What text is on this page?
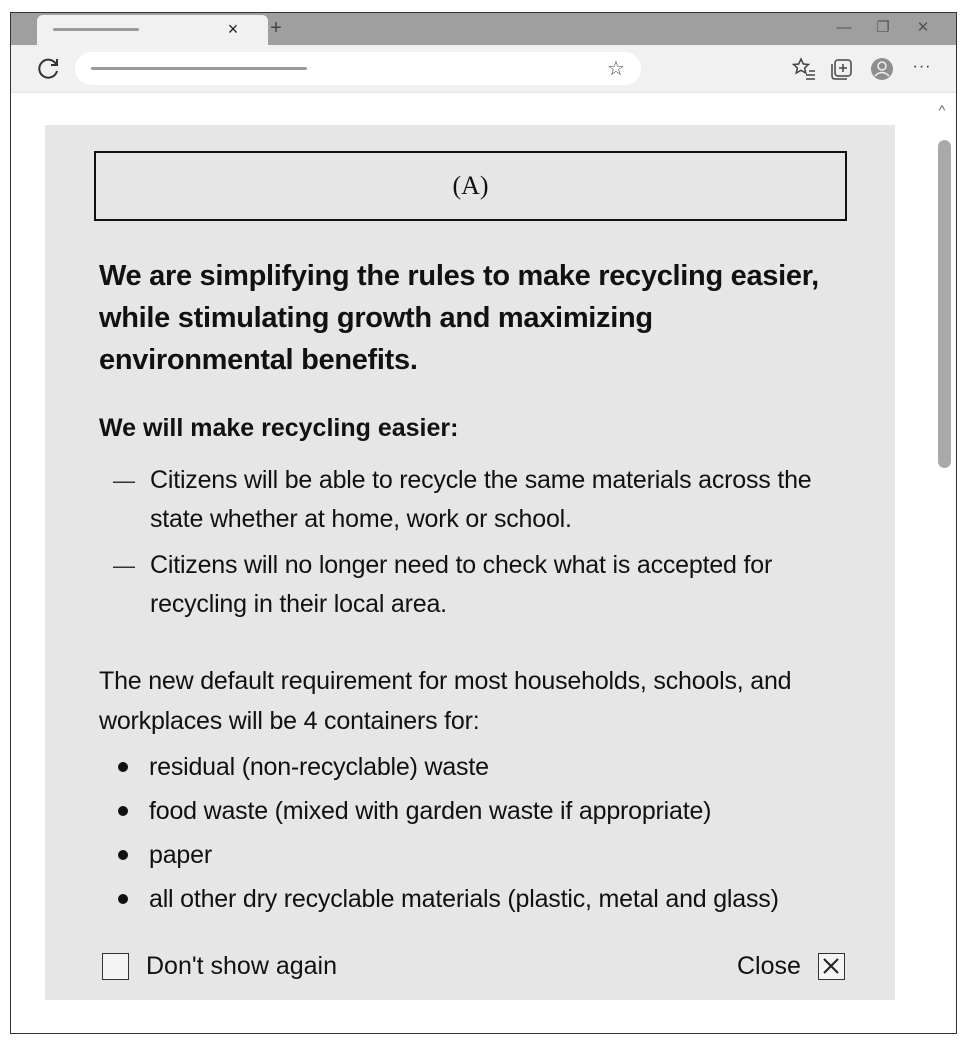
× +	—	❐	✕
☆	···
^
(A)
We are simplifying the rules to make recycling easier, while stimulating growth and maximizing environmental benefits.
We will make recycling easier:
— Citizens will be able to recycle the same materials across the state whether at home, work or school.
— Citizens will no longer need to check what is accepted for recycling in their local area.
The new default requirement for most households, schools, and workplaces will be 4 containers for:
residual (non-recyclable) waste
food waste (mixed with garden waste if appropriate)
paper
all other dry recyclable materials (plastic, metal and glass)
Don't show again	Close
